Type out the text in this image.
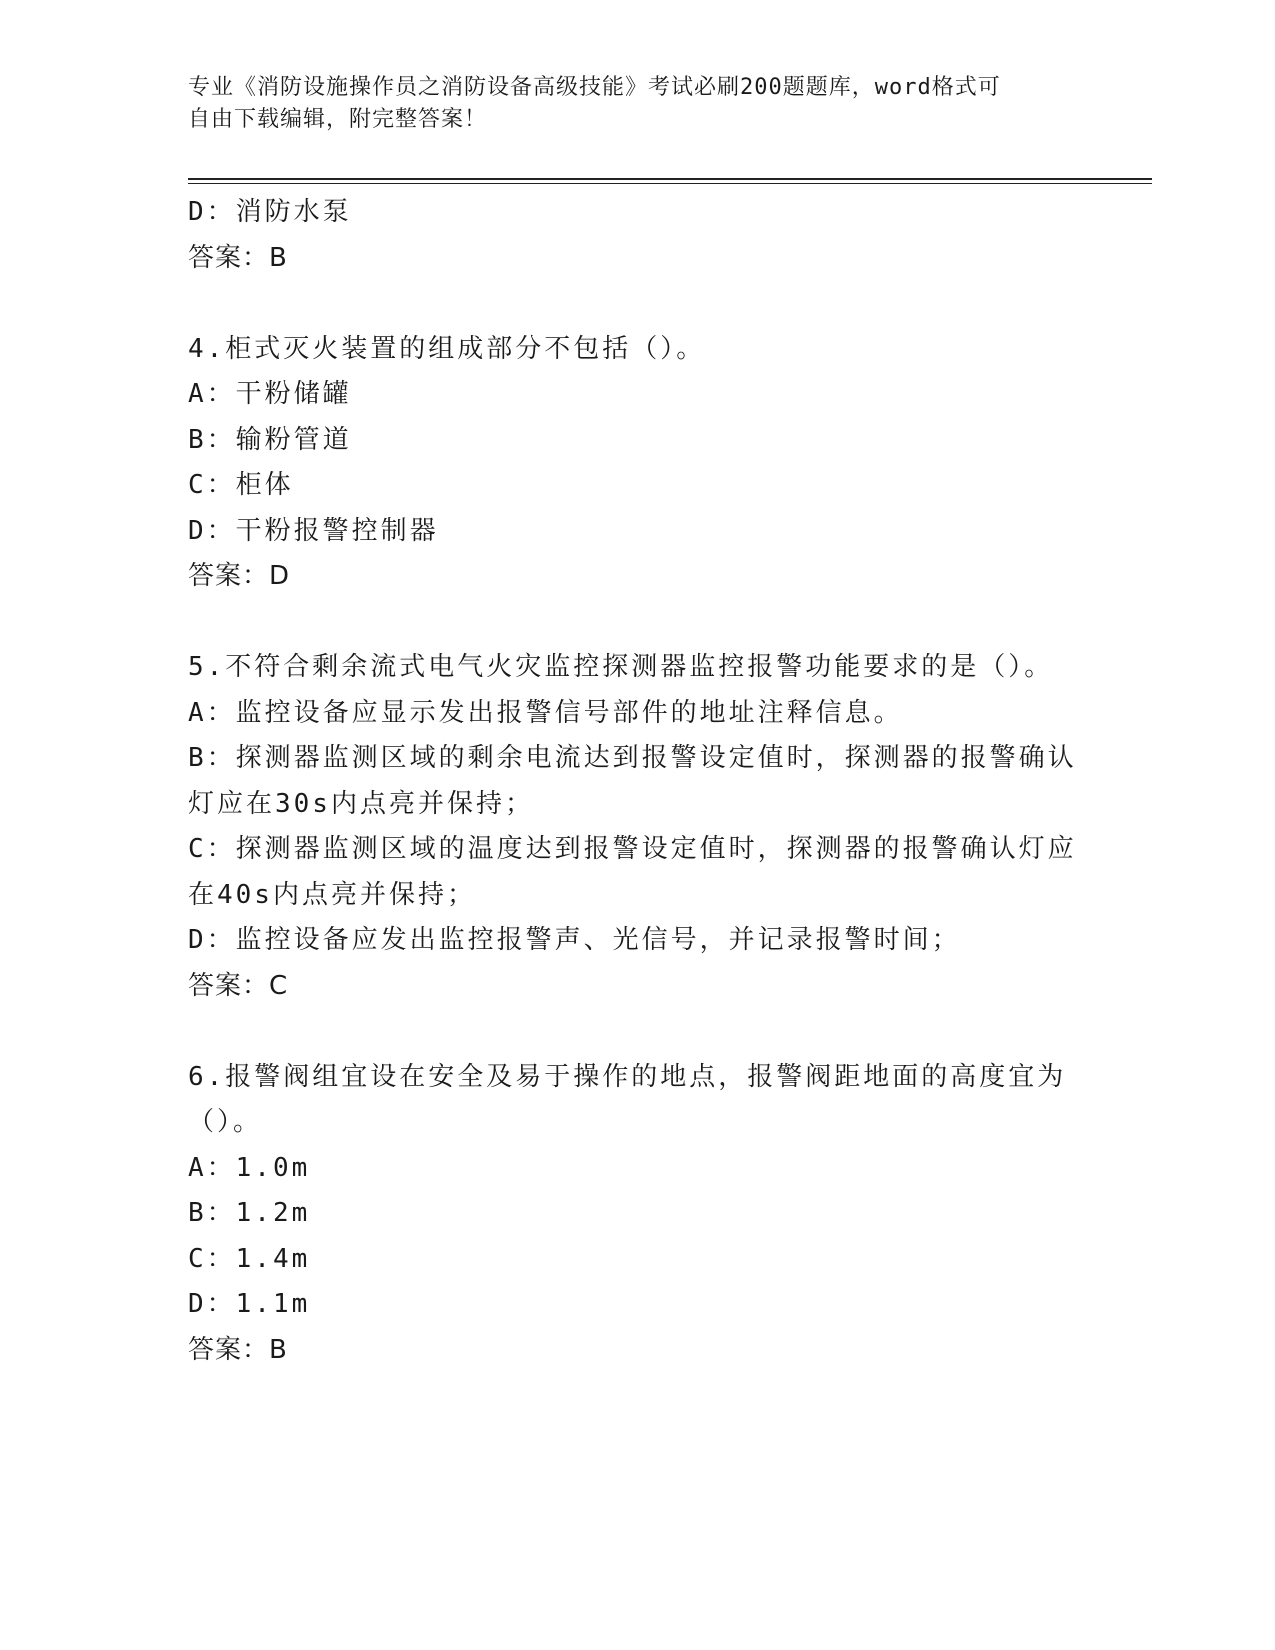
专业《消防设施操作员之消防设备高级技能》考试必刷200题题库，word格式可
自由下载编辑，附完整答案！
D：消防水泵
答案：B
4.柜式灭火装置的组成部分不包括（）。
A：干粉储罐
B：输粉管道
C：柜体
D：干粉报警控制器
答案：D
5.不符合剩余流式电气火灾监控探测器监控报警功能要求的是（）。
A：监控设备应显示发出报警信号部件的地址注释信息。
B：探测器监测区域的剩余电流达到报警设定值时，探测器的报警确认
灯应在30s内点亮并保持；
C：探测器监测区域的温度达到报警设定值时，探测器的报警确认灯应
在40s内点亮并保持；
D：监控设备应发出监控报警声、光信号，并记录报警时间；
答案：C
6.报警阀组宜设在安全及易于操作的地点，报警阀距地面的高度宜为
（）。
A：1.0m
B：1.2m
C：1.4m
D：1.1m
答案：B
